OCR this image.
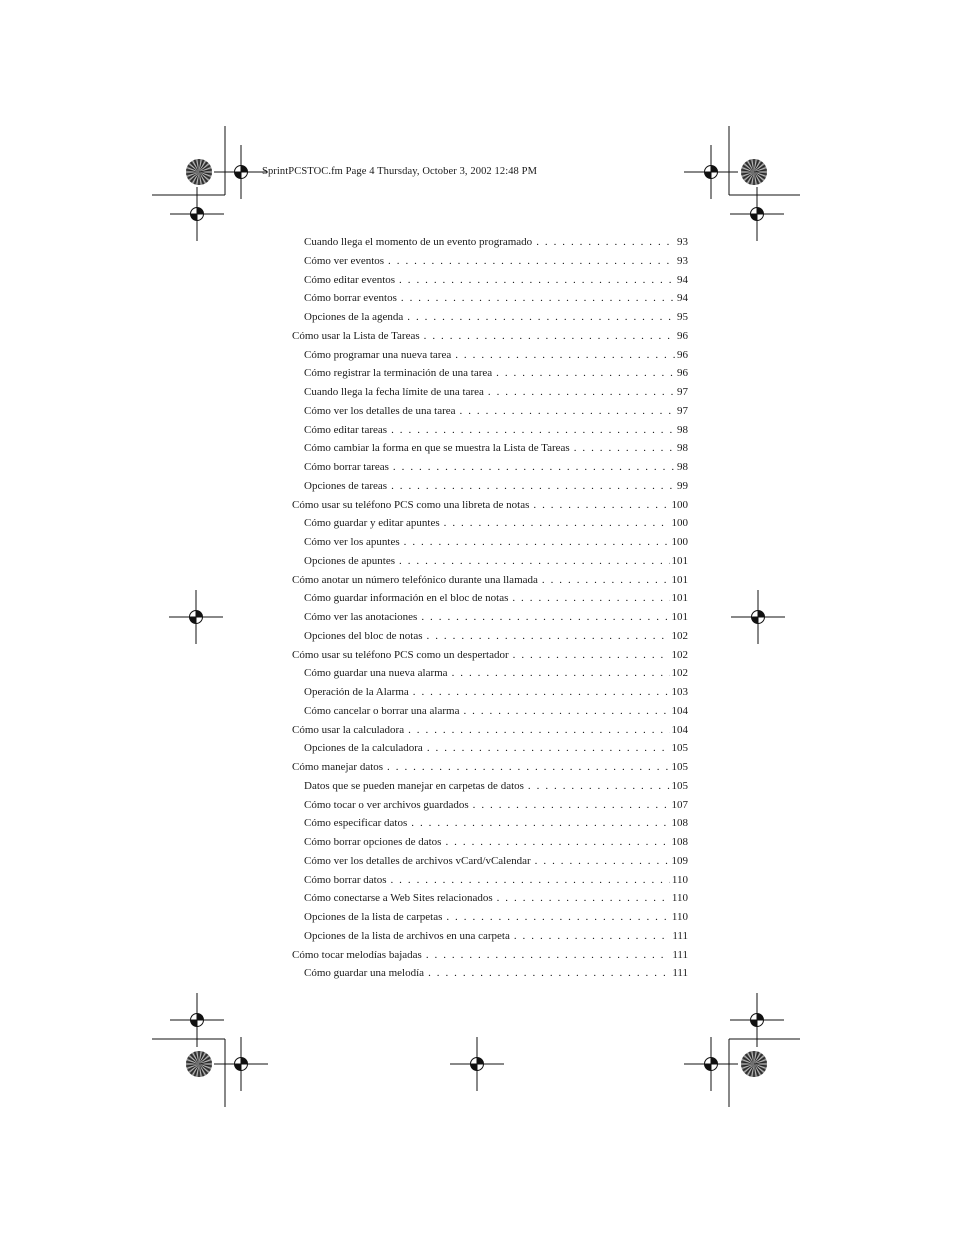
SprintPCSTOC.fm Page 4 Thursday, October 3, 2002 12:48 PM
Cuando llega el momento de un evento programado . . .	93
Cómo ver eventos . . .	93
Cómo editar eventos . . .	94
Cómo borrar eventos . . .	94
Opciones de la agenda . . .	95
Cómo usar la Lista de Tareas . . .	96
Cómo programar una nueva tarea . . .	96
Cómo registrar la terminación de una tarea . . .	96
Cuando llega la fecha límite de una tarea . . .	97
Cómo ver los detalles de una tarea . . .	97
Cómo editar tareas . . .	98
Cómo cambiar la forma en que se muestra la Lista de Tareas . . .	98
Cómo borrar tareas . . .	98
Opciones de tareas . . .	99
Cómo usar su teléfono PCS como una libreta de notas . . .	100
Cómo guardar y editar apuntes . . .	100
Cómo ver los apuntes . . .	100
Opciones de apuntes . . .	101
Cómo anotar un número telefónico durante una llamada . . .	101
Cómo guardar información en el bloc de notas . . .	101
Cómo ver las anotaciones . . .	101
Opciones del bloc de notas . . .	102
Cómo usar su teléfono PCS como un despertador . . .	102
Cómo guardar una nueva alarma . . .	102
Operación de la Alarma . . .	103
Cómo cancelar o borrar una alarma . . .	104
Cómo usar la calculadora . . .	104
Opciones de la calculadora . . .	105
Cómo manejar datos . . .	105
Datos que se pueden manejar en carpetas de datos . . .	105
Cómo tocar o ver archivos guardados . . .	107
Cómo especificar datos . . .	108
Cómo borrar opciones de datos . . .	108
Cómo ver los detalles de archivos vCard/vCalendar . . .	109
Cómo borrar datos . . .	110
Cómo conectarse a Web Sites relacionados . . .	110
Opciones de la lista de carpetas . . .	110
Opciones de la lista de archivos en una carpeta . . .	111
Cómo tocar melodías bajadas . . .	111
Cómo guardar una melodía . . .	111
